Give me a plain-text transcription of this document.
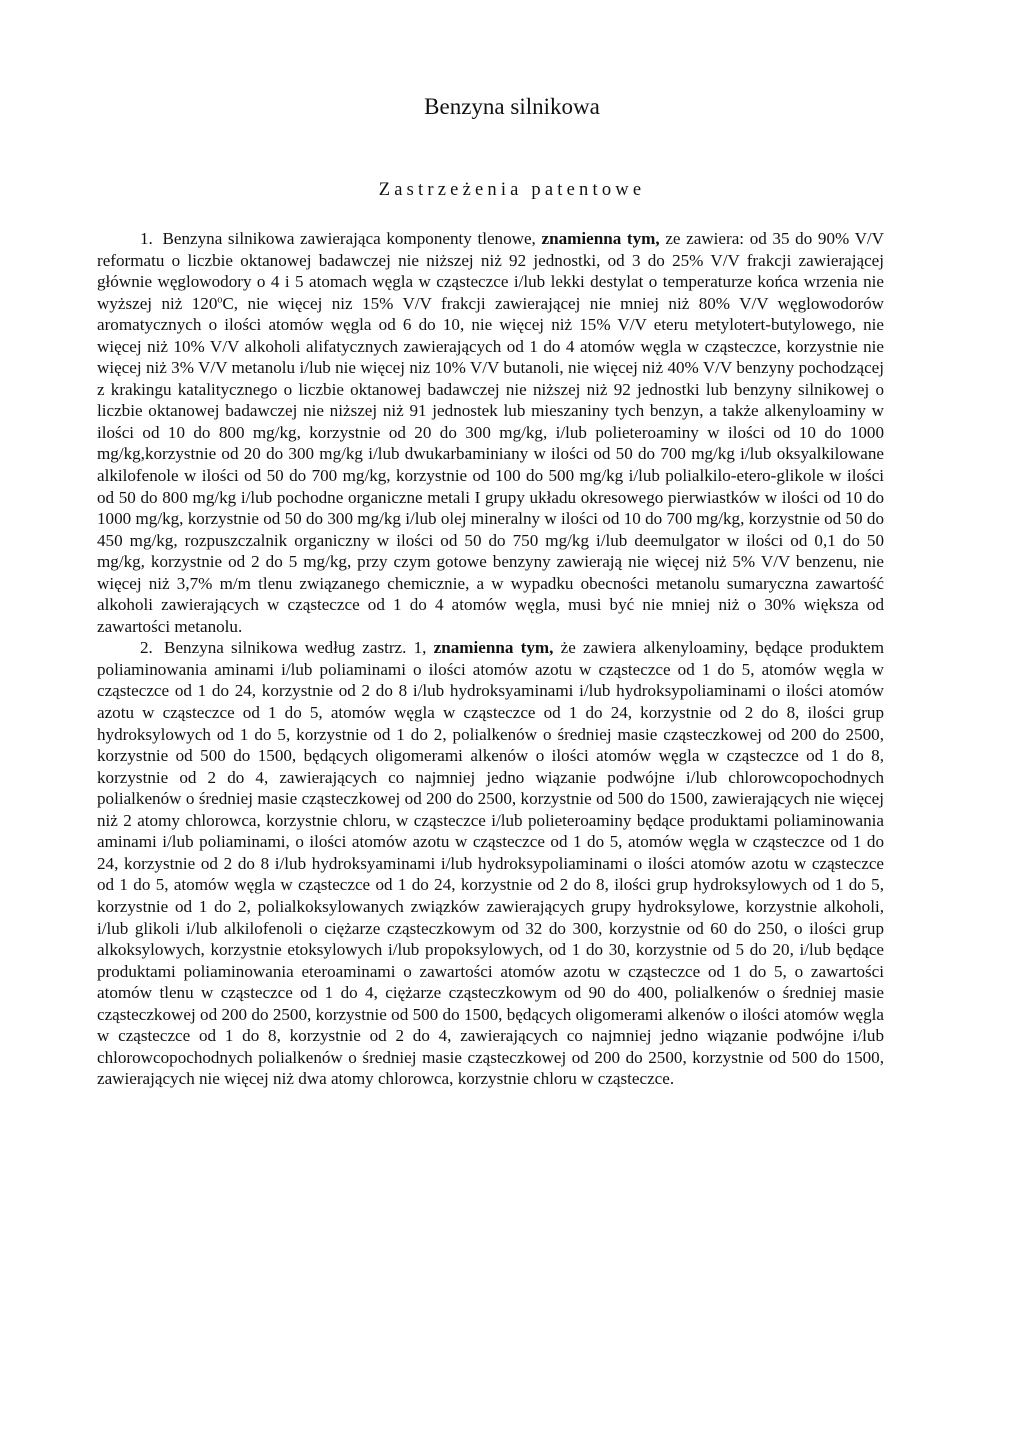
Benzyna silnikowa
Zastrzeżenia patentowe

1. Benzyna silnikowa zawierająca komponenty tlenowe, znamienna tym, ze zawiera: od 35 do 90% V/V reformatu o liczbie oktanowej badawczej nie niższej niż 92 jednostki, od 3 do 25% V/V frakcji zawierającej głównie węglowodory o 4 i 5 atomach węgla w cząsteczce i/lub lekki destylat o temperaturze końca wrzenia nie wyższej niż 120$^o$C, nie więcej niz 15% V/V frakcji zawierającej nie mniej niż 80% V/V węglowodorów aromatycznych o ilości atomów węgla od 6 do 10, nie więcej niż 15% V/V eteru metylotert-butylowego, nie więcej niż 10% V/V alkoholi alifatycznych zawierających od 1 do 4 atomów węgla w cząsteczce, korzystnie nie więcej niż 3% V/V metanolu i/lub nie więcej niz 10% V/V butanoli, nie więcej niż 40% V/V benzyny pochodzącej z krakingu katalitycznego o liczbie oktanowej badawczej nie niższej niż 92 jednostki lub benzyny silnikowej o liczbie oktanowej badawczej nie niższej niż 91 jednostek lub mieszaniny tych benzyn, a także alkenyloaminy w ilości od 10 do 800 mg/kg, korzystnie od 20 do 300 mg/kg, i/lub polieteroaminy w ilości od 10 do 1000 mg/kg,korzystnie od 20 do 300 mg/kg i/lub dwukarbaminiany w ilości od 50 do 700 mg/kg i/lub oksyalkilowane alkilofenole w ilości od 50 do 700 mg/kg, korzystnie od 100 do 500 mg/kg i/lub polialkilo-etero-glikole w ilości od 50 do 800 mg/kg i/lub pochodne organiczne metali I grupy układu okresowego pierwiastków w ilości od 10 do 1000 mg/kg, korzystnie od 50 do 300 mg/kg i/lub olej mineralny w ilości od 10 do 700 mg/kg, korzystnie od 50 do 450 mg/kg, rozpuszczalnik organiczny w ilości od 50 do 750 mg/kg i/lub deemulgator w ilości od 0,1 do 50 mg/kg, korzystnie od 2 do 5 mg/kg, przy czym gotowe benzyny zawierają nie więcej niż 5% V/V benzenu, nie więcej niż 3,7% m/m tlenu związanego chemicznie, a w wypadku obecności metanolu sumaryczna zawartość alkoholi zawierających w cząsteczce od 1 do 4 atomów węgla, musi być nie mniej niż o 30% większa od zawartości metanolu.

2. Benzyna silnikowa według zastrz. 1, znamienna tym, że zawiera alkenyloaminy, będące produktem poliaminowania aminami i/lub poliaminami o ilości atomów azotu w cząsteczce od 1 do 5, atomów węgla w cząsteczce od 1 do 24, korzystnie od 2 do 8 i/lub hydroksyaminami i/lub hydroksypoliaminami o ilości atomów azotu w cząsteczce od 1 do 5, atomów węgla w cząsteczce od 1 do 24, korzystnie od 2 do 8, ilości grup hydroksylowych od 1 do 5, korzystnie od 1 do 2, polialkenów o średniej masie cząsteczkowej od 200 do 2500, korzystnie od 500 do 1500, będących oligomerami alkenów o ilości atomów węgla w cząsteczce od 1 do 8, korzystnie od 2 do 4, zawierających co najmniej jedno wiązanie podwójne i/lub chlorowcopochodnych polialkenów o średniej masie cząsteczkowej od 200 do 2500, korzystnie od 500 do 1500, zawierających nie więcej niż 2 atomy chlorowca, korzystnie chloru, w cząsteczce i/lub polieteroaminy będące produktami poliaminowania aminami i/lub poliaminami, o ilości atomów azotu w cząsteczce od 1 do 5, atomów węgla w cząsteczce od 1 do 24, korzystnie od 2 do 8 i/lub hydroksyaminami i/lub hydroksypoliaminami o ilości atomów azotu w cząsteczce od 1 do 5, atomów węgla w cząsteczce od 1 do 24, korzystnie od 2 do 8, ilości grup hydroksylowych od 1 do 5, korzystnie od 1 do 2, polialkoksylowanych związków zawierających grupy hydroksylowe, korzystnie alkoholi, i/lub glikoli i/lub alkilofenoli o ciężarze cząsteczkowym od 32 do 300, korzystnie od 60 do 250, o ilości grup alkoksylowych, korzystnie etoksylowych i/lub propoksylowych, od 1 do 30, korzystnie od 5 do 20, i/lub będące produktami poliaminowania eteroaminami o zawartości atomów azotu w cząsteczce od 1 do 5, o zawartości atomów tlenu w cząsteczce od 1 do 4, ciężarze cząsteczkowym od 90 do 400, polialkenów o średniej masie cząsteczkowej od 200 do 2500, korzystnie od 500 do 1500, będących oligomerami alkenów o ilości atomów węgla w cząsteczce od 1 do 8, korzystnie od 2 do 4, zawierających co najmniej jedno wiązanie podwójne i/lub chlorowcopochodnych polialkenów o średniej masie cząsteczkowej od 200 do 2500, korzystnie od 500 do 1500, zawierających nie więcej niż dwa atomy chlorowca, korzystnie chloru w cząsteczce.
